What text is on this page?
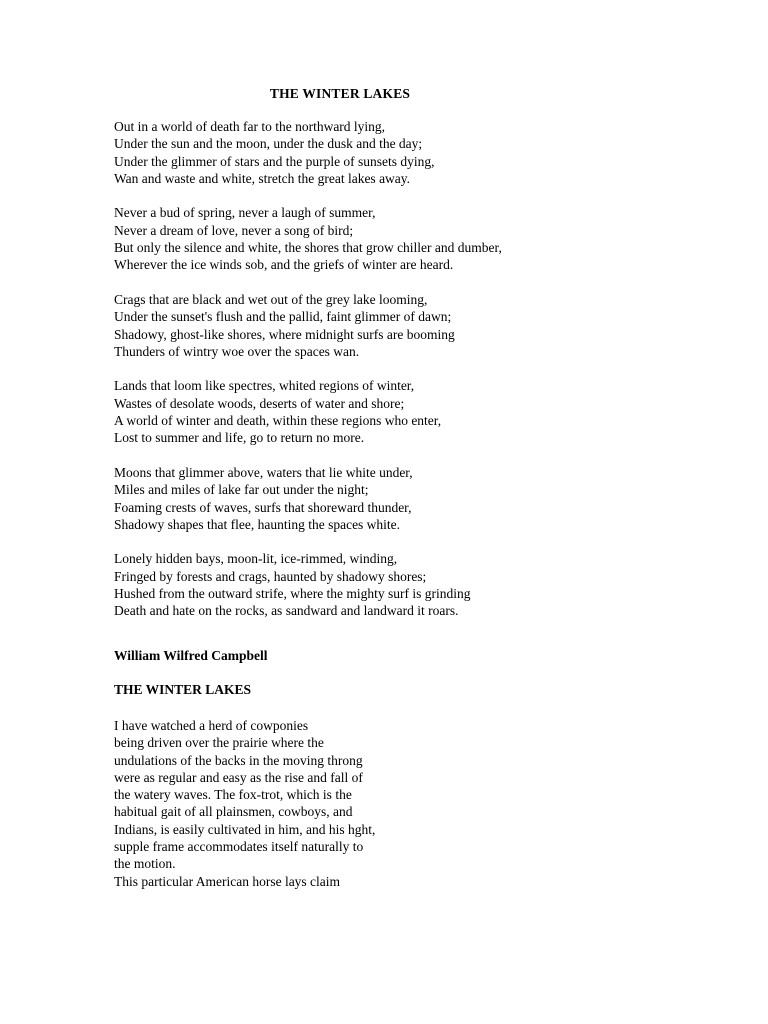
THE WINTER LAKES
Out in a world of death far to the northward lying,
Under the sun and the moon, under the dusk and the day;
Under the glimmer of stars and the purple of sunsets dying,
Wan and waste and white, stretch the great lakes away.
Never a bud of spring, never a laugh of summer,
Never a dream of love, never a song of bird;
But only the silence and white, the shores that grow chiller and dumber,
Wherever the ice winds sob, and the griefs of winter are heard.
Crags that are black and wet out of the grey lake looming,
Under the sunset's flush and the pallid, faint glimmer of dawn;
Shadowy, ghost-like shores, where midnight surfs are booming
Thunders of wintry woe over the spaces wan.
Lands that loom like spectres, whited regions of winter,
Wastes of desolate woods, deserts of water and shore;
A world of winter and death, within these regions who enter,
Lost to summer and life, go to return no more.
Moons that glimmer above, waters that lie white under,
Miles and miles of lake far out under the night;
Foaming crests of waves, surfs that shoreward thunder,
Shadowy shapes that flee, haunting the spaces white.
Lonely hidden bays, moon-lit, ice-rimmed, winding,
Fringed by forests and crags, haunted by shadowy shores;
Hushed from the outward strife, where the mighty surf is grinding
Death and hate on the rocks, as sandward and landward it roars.
William Wilfred Campbell
THE WINTER LAKES
I have watched a herd of cowponies
being driven over the prairie where the
undulations of the backs in the moving throng
were as regular and easy as the rise and fall of
the watery waves. The fox-trot, which is the
habitual gait of all plainsmen, cowboys, and
Indians, is easily cultivated in him, and his hght,
supple frame accommodates itself naturally to
the motion.
This particular American horse lays claim
